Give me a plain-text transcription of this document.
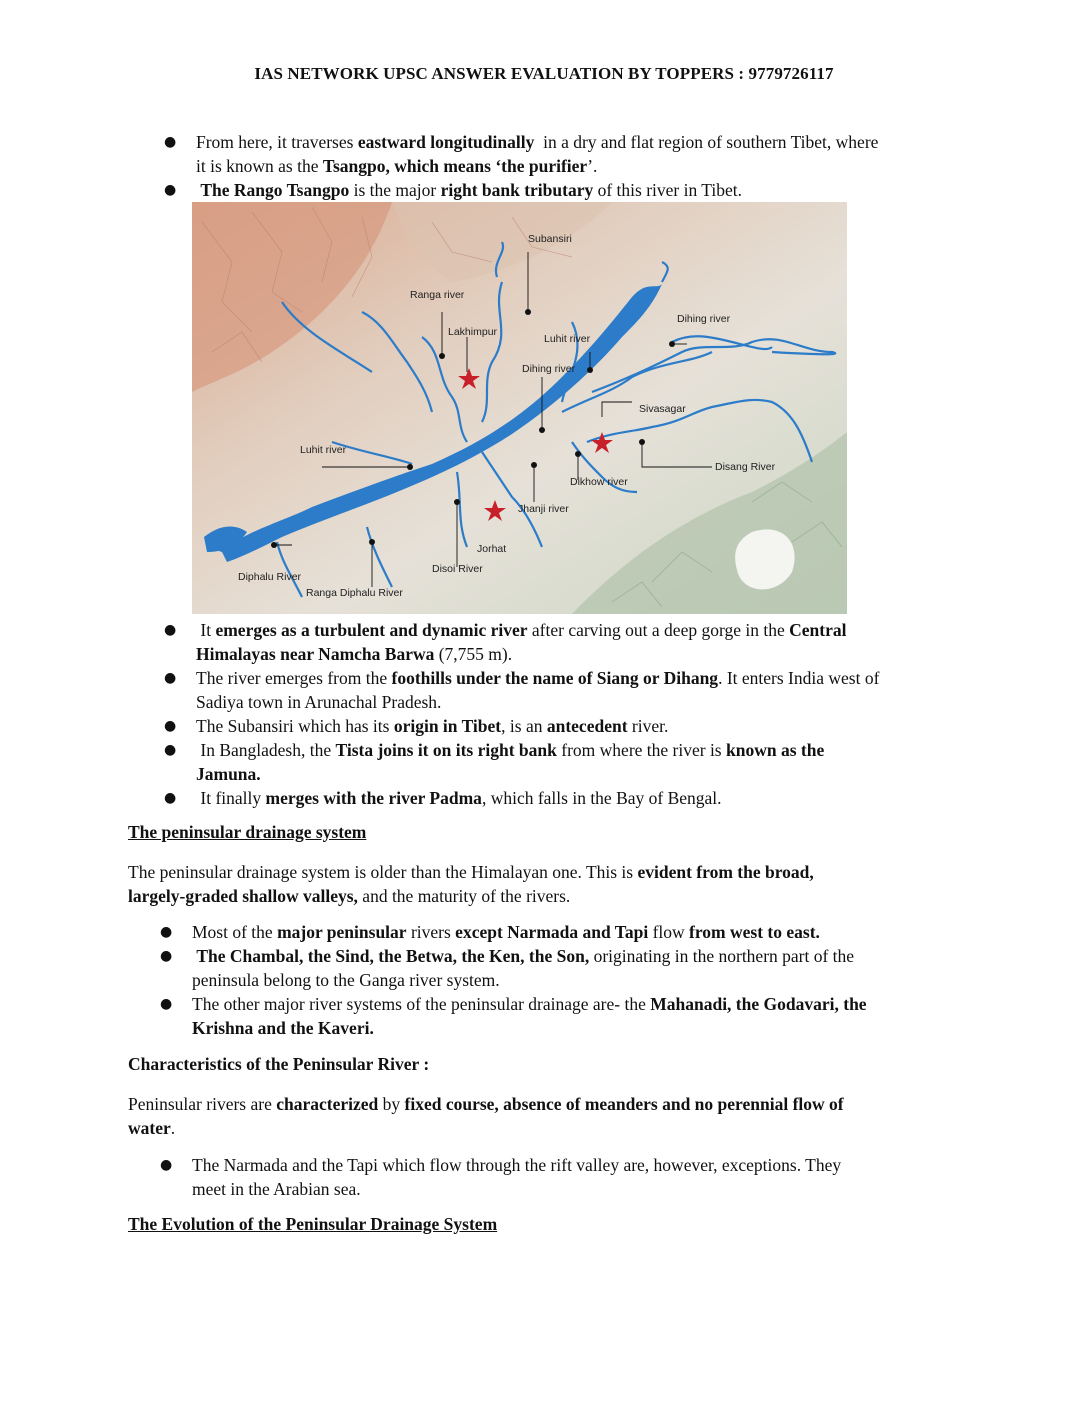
IAS NETWORK UPSC ANSWER EVALUATION BY TOPPERS : 9779726117
● From here, it traverses eastward longitudinally  in a dry and flat region of southern Tibet, where
it is known as the Tsangpo, which means ‘the purifier’.
● The Rango Tsangpo is the major right bank tributary of this river in Tibet.
Subansiri
Ranga river
Lakhimpur
Luhit river
Dihing river
Dihing river
Sivasagar
Luhit river
Disang River
Dikhow river
Jhanji river
Jorhat
Disoi River
Diphalu River
Ranga Diphalu River
● It emerges as a turbulent and dynamic river after carving out a deep gorge in the Central
Himalayas near Namcha Barwa (7,755 m).
● The river emerges from the foothills under the name of Siang or Dihang. It enters India west of
Sadiya town in Arunachal Pradesh.
● The Subansiri which has its origin in Tibet, is an antecedent river.
● In Bangladesh, the Tista joins it on its right bank from where the river is known as the
Jamuna.
● It finally merges with the river Padma, which falls in the Bay of Bengal.
The peninsular drainage system
The peninsular drainage system is older than the Himalayan one. This is evident from the broad,
largely-graded shallow valleys, and the maturity of the rivers.
● Most of the major peninsular rivers except Narmada and Tapi flow from west to east.
● The Chambal, the Sind, the Betwa, the Ken, the Son, originating in the northern part of the
peninsula belong to the Ganga river system.
● The other major river systems of the peninsular drainage are- the Mahanadi, the Godavari, the
Krishna and the Kaveri.
Characteristics of the Peninsular River :
Peninsular rivers are characterized by fixed course, absence of meanders and no perennial flow of
water.
● The Narmada and the Tapi which flow through the rift valley are, however, exceptions. They
meet in the Arabian sea.
The Evolution of the Peninsular Drainage System
